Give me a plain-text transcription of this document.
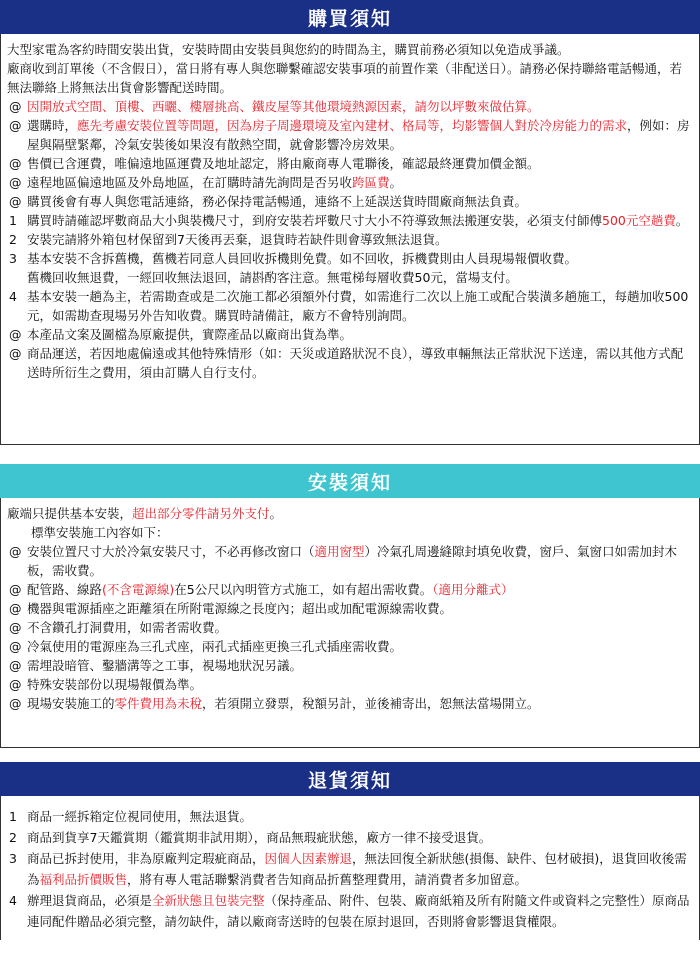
購買須知

大型家電為客約時間安裝出貨，安裝時間由安裝員與您約的時間為主，購買前務必須知以免造成爭議。

廠商收到訂單後（不含假日），當日將有專人與您聯繫確認安裝事項的前置作業（非配送日）。請務必保持聯絡電話暢通，若無法聯絡上將無法出貨會影響配送時間。

@ 因開放式空間、頂樓、西曬、樓層挑高、鐵皮屋等其他環境熱源因素，請勿以坪數來做估算。
@ 選購時，應先考慮安裝位置等問題，因為房子周邊環境及室內建材、格局等，均影響個人對於冷房能力的需求，例如：房屋與隔壁緊鄰，冷氣安裝後如果沒有散熱空間，就會影響冷房效果。
@ 售價已含運費，唯偏遠地區運費及地址認定，將由廠商專人電聯後，確認最終運費加價金額。
@ 遠程地區偏遠地區及外島地區，在訂購時請先詢問是否另收跨區費。
@ 購買後會有專人與您電話連絡，務必保持電話暢通，連絡不上延誤送貨時間廠商無法負責。
1 購買時請確認坪數商品大小與裝機尺寸，到府安裝若坪數尺寸大小不符導致無法搬運安裝，必須支付師傅500元空趟費。
2 安裝完請將外箱包材保留到7天後再丟棄，退貨時若缺件則會導致無法退貨。
3 基本安裝不含拆舊機，舊機若同意人員回收拆機則免費。如不回收，拆機費則由人員現場報價收費。
舊機回收無退費，一經回收無法退回，請斟酌客注意。無電梯每層收費50元，當場支付。
4 基本安裝一趟為主，若需勘查或是二次施工都必須額外付費，如需進行二次以上施工或配合裝潢多趟施工，每趟加收500元，如需勘查現場另外告知收費。購買時請備註，廠方不會特別詢問。
@ 本產品文案及圖檔為原廠提供，實際產品以廠商出貨為準。
@ 商品運送，若因地處偏遠或其他特殊情形（如：天災或道路狀況不良），導致車輛無法正常狀況下送達，需以其他方式配送時所衍生之費用，須由訂購人自行支付。
安裝須知

廠端只提供基本安裝，超出部分零件請另外支付。

標準安裝施工內容如下：

@ 安裝位置尺寸大於冷氣安裝尺寸，不必再修改窗口（適用窗型）冷氣孔周邊縫隙封填免收費，窗戶、氣窗口如需加封木板，需收費。
@ 配管路、線路(不含電源線)在5公尺以內明管方式施工，如有超出需收費。（適用分離式）
@ 機器與電源插座之距離須在所附電源線之長度內；超出或加配電源線需收費。
@ 不含鑽孔打洞費用，如需者需收費。
@ 冷氣使用的電源座為三孔式座，兩孔式插座更換三孔式插座需收費。
@ 需埋設暗管、鑿牆溝等之工事，視場地狀況另議。
@ 特殊安裝部份以現場報價為準。
@ 現場安裝施工的零件費用為未稅，若須開立發票，稅額另計，並後補寄出，恕無法當場開立。
退貨須知
1 商品一經拆箱定位視同使用，無法退貨。
2 商品到貨享7天鑑賞期（鑑賞期非試用期），商品無瑕疵狀態，廠方一律不接受退貨。
3 商品已拆封使用，非為原廠判定瑕疵商品，因個人因素辦退，無法回復全新狀態(損傷、缺件、包材破損)，退貨回收後需為福利品折價販售，將有專人電話聯繫消費者告知商品折舊整理費用，請消費者多加留意。
4 辦理退貨商品，必須是全新狀態且包裝完整（保持產品、附件、包裝、廠商紙箱及所有附隨文件或資料之完整性）原商品連同配件贈品必須完整，請勿缺件，請以廠商寄送時的包裝在原封退回，否則將會影響退貨權限。
